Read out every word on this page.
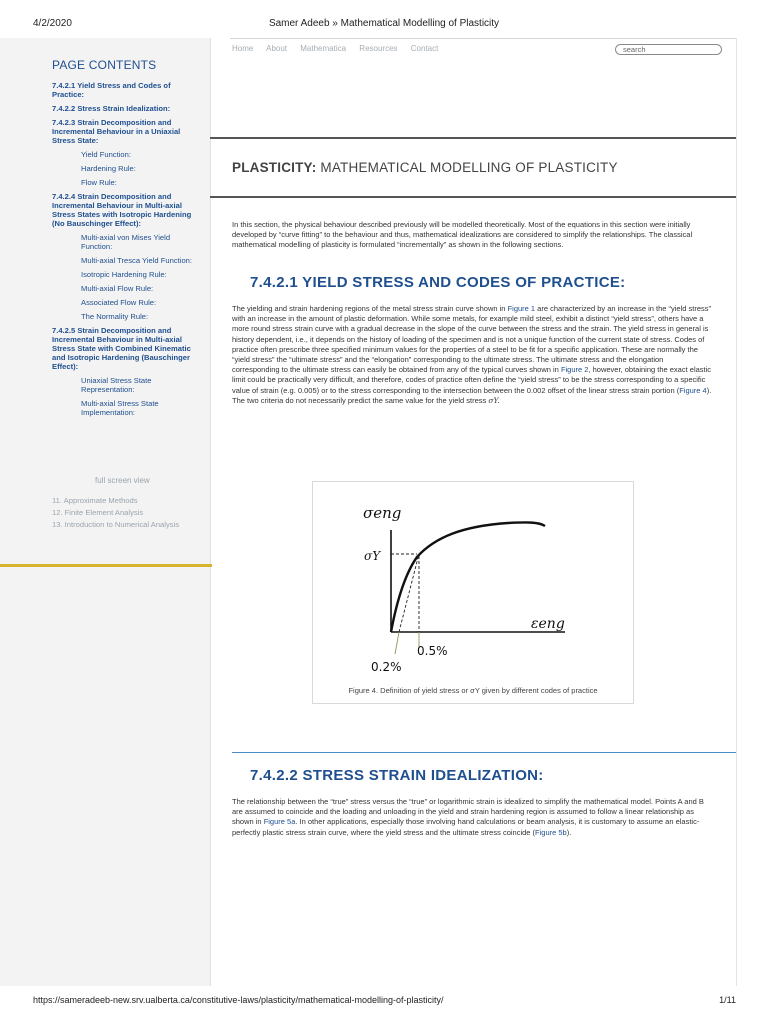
4/2/2020	Samer Adeeb » Mathematical Modelling of Plasticity
PAGE CONTENTS
7.4.2.1 Yield Stress and Codes of Practice:
7.4.2.2 Stress Strain Idealization:
7.4.2.3 Strain Decomposition and Incremental Behaviour in a Uniaxial Stress State:
Yield Function:
Hardening Rule:
Flow Rule:
7.4.2.4 Strain Decomposition and Incremental Behaviour in Multi-axial Stress States with Isotropic Hardening (No Bauschinger Effect):
Multi-axial von Mises Yield Function:
Multi-axial Tresca Yield Function:
Isotropic Hardening Rule:
Multi-axial Flow Rule:
Associated Flow Rule:
The Normality Rule:
7.4.2.5 Strain Decomposition and Incremental Behaviour in Multi-axial Stress State with Combined Kinematic and Isotropic Hardening (Bauschinger Effect):
Uniaxial Stress State Representation:
Multi-axial Stress State Implementation:
full screen view
11. Approximate Methods
12. Finite Element Analysis
13. Introduction to Numerical Analysis
Home About Mathematica Resources Contact	search
PLASTICITY: MATHEMATICAL MODELLING OF PLASTICITY
In this section, the physical behaviour described previously will be modelled theoretically. Most of the equations in this section were initially developed by “curve fitting” to the behaviour and thus, mathematical idealizations are considered to simplify the relationships. The classical mathematical modelling of plasticity is formulated “incrementally” as shown in the following sections.
7.4.2.1 YIELD STRESS AND CODES OF PRACTICE:
The yielding and strain hardening regions of the metal stress strain curve shown in Figure 1 are characterized by an increase in the “yield stress” with an increase in the amount of plastic deformation. While some metals, for example mild steel, exhibit a distinct “yield stress”, others have a more round stress strain curve with a gradual decrease in the slope of the curve between the stress and the strain. The yield stress in general is history dependent, i.e., it depends on the history of loading of the specimen and is not a unique function of the current state of stress. Codes of practice often prescribe three specified minimum values for the properties of a steel to be fit for a specific application. These are normally the “yield stress” the “ultimate stress” and the “elongation” corresponding to the ultimate stress. The ultimate stress and the elongation corresponding to the ultimate stress can easily be obtained from any of the typical curves shown in Figure 2, however, obtaining the exact elastic limit could be practically very difficult, and therefore, codes of practice often define the “yield stress” to be the stress corresponding to a specific value of strain (e.g. 0.005) or to the stress corresponding to the intersection between the 0.002 offset of the linear stress strain portion (Figure 4). The two criteria do not necessarily predict the same value for the yield stress σY.
σeng
σY
εeng
0.5%
0.2%
Figure 4. Definition of yield stress or σY given by different codes of practice
7.4.2.2 STRESS STRAIN IDEALIZATION:
The relationship between the “true” stress versus the “true” or logarithmic strain is idealized to simplify the mathematical model. Points A and B are assumed to coincide and the loading and unloading in the yield and strain hardening region is assumed to follow a linear relationship as shown in Figure 5a. In other applications, especially those involving hand calculations or beam analysis, it is customary to assume an elastic-perfectly plastic stress strain curve, where the yield stress and the ultimate stress coincide (Figure 5b).
https://sameradeeb-new.srv.ualberta.ca/constitutive-laws/plasticity/mathematical-modelling-of-plasticity/	1/11
